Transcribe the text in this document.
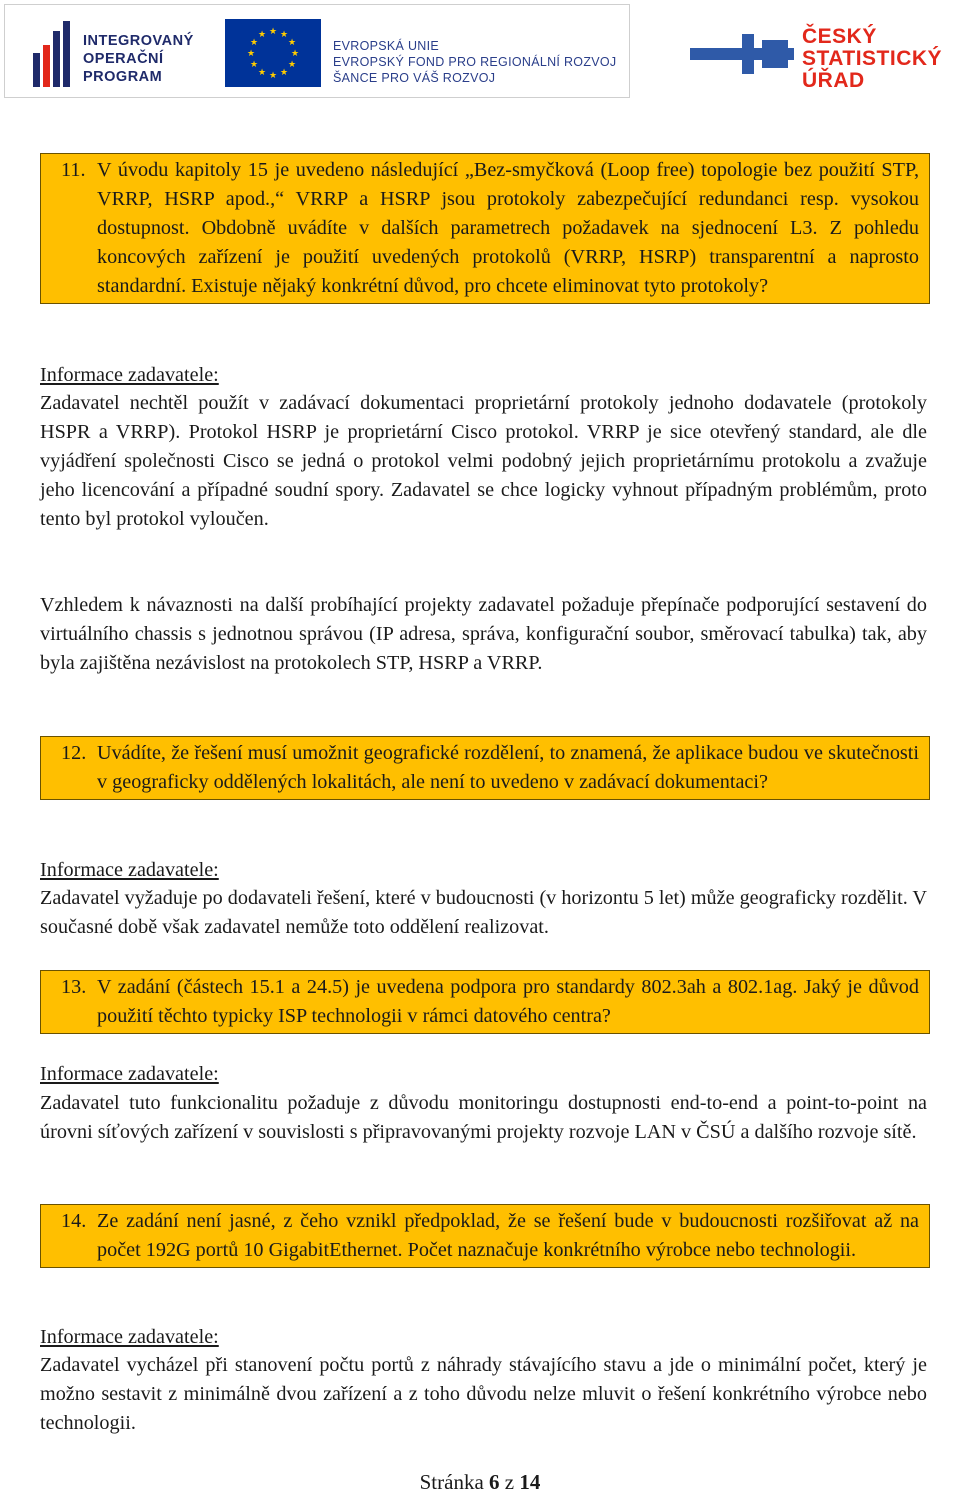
INTEGROVANÝ
OPERAČNÍ
PROGRAM
★ ★
★
★
★
★
★
★
★
★
★
★
EVROPSKÁ UNIE
EVROPSKÝ FOND PRO REGIONÁLNÍ ROZVOJ
ŠANCE PRO VÁŠ ROZVOJ
ČESKÝ
STATISTICKÝ
ÚŘAD
11. V úvodu kapitoly 15 je uvedeno následující „Bez-smyčková (Loop free) topologie bez použití STP, VRRP, HSRP apod.,“ VRRP a HSRP jsou protokoly zabezpečující redundanci resp. vysokou dostupnost. Obdobně uvádíte v dalších parametrech požadavek na sjednocení L3. Z pohledu koncových zařízení je použití uvedených protokolů (VRRP, HSRP) transparentní a naprosto standardní. Existuje nějaký konkrétní důvod, pro chcete eliminovat tyto protokoly?
Informace zadavatele:

Zadavatel nechtěl použít v zadávací dokumentaci proprietární protokoly jednoho dodavatele (protokoly HSPR a VRRP). Protokol HSRP je proprietární Cisco protokol. VRRP je sice otevřený standard, ale dle vyjádření společnosti Cisco se jedná o protokol velmi podobný jejich proprietárnímu protokolu a zvažuje jeho licencování a případné soudní spory. Zadavatel se chce logicky vyhnout případným problémům, proto tento byl protokol vyloučen.

Vzhledem k návaznosti na další probíhající projekty zadavatel požaduje přepínače podporující sestavení do virtuálního chassis s jednotnou správou (IP adresa, správa, konfigurační soubor, směrovací tabulka) tak, aby byla zajištěna nezávislost na protokolech STP, HSRP a VRRP.

12. Uvádíte, že řešení musí umožnit geografické rozdělení, to znamená, že aplikace budou ve skutečnosti v geograficky oddělených lokalitách, ale není to uvedeno v zadávací dokumentaci?
Informace zadavatele:

Zadavatel vyžaduje po dodavateli řešení, které v budoucnosti (v horizontu 5 let) může geograficky rozdělit. V současné době však zadavatel nemůže toto oddělení realizovat.

13. V zadání (částech 15.1 a 24.5) je uvedena podpora pro standardy 802.3ah a 802.1ag. Jaký je důvod použití těchto typicky ISP technologii v rámci datového centra?
Informace zadavatele:

Zadavatel tuto funkcionalitu požaduje z důvodu monitoringu dostupnosti end-to-end a point-to-point na úrovni síťových zařízení v souvislosti s připravovanými projekty rozvoje LAN v ČSÚ a dalšího rozvoje sítě.

14. Ze zadání není jasné, z čeho vznikl předpoklad, že se řešení bude v budoucnosti rozšiřovat až na počet 192G portů 10 GigabitEthernet. Počet naznačuje konkrétního výrobce nebo technologii.
Informace zadavatele:

Zadavatel vycházel při stanovení počtu portů z náhrady stávajícího stavu a jde o minimální počet, který je možno sestavit z minimálně dvou zařízení a z toho důvodu nelze mluvit o řešení konkrétního výrobce nebo technologii.

Stránka 6 z 14
